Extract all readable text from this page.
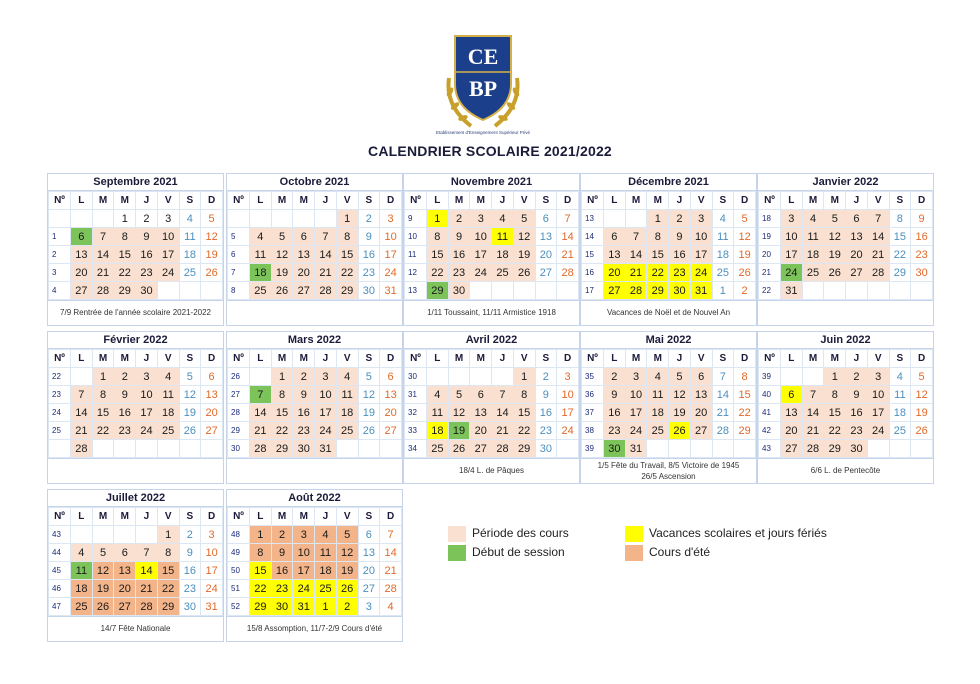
CE
BP
Etablissement d'Enseignement Supérieur Privé
CALENDRIER SCOLAIRE 2021/2022
Septembre 2021
Nº	L	M	M	J	V	S	D
			1	2	3	4	5
1	6	7	8	9	10	11	12
2	13	14	15	16	17	18	19
3	20	21	22	23	24	25	26
4	27	28	29	30			
7/9 Rentrée de l'année scolaire 2021-2022
Octobre 2021
Nº	L	M	M	J	V	S	D
					1	2	3
5	4	5	6	7	8	9	10
6	11	12	13	14	15	16	17
7	18	19	20	21	22	23	24
8	25	26	27	28	29	30	31
Novembre 2021
Nº	L	M	M	J	V	S	D
9	1	2	3	4	5	6	7
10	8	9	10	11	12	13	14
11	15	16	17	18	19	20	21
12	22	23	24	25	26	27	28
13	29	30					
1/11 Toussaint, 11/11 Armistice 1918
Décembre 2021
Nº	L	M	M	J	V	S	D
13			1	2	3	4	5
14	6	7	8	9	10	11	12
15	13	14	15	16	17	18	19
16	20	21	22	23	24	25	26
17	27	28	29	30	31	1	2
Vacances de Noël et de Nouvel An
Janvier 2022
Nº	L	M	M	J	V	S	D
18	3	4	5	6	7	8	9
19	10	11	12	13	14	15	16
20	17	18	19	20	21	22	23
21	24	25	26	27	28	29	30
22	31						
Février 2022
Nº	L	M	M	J	V	S	D
22		1	2	3	4	5	6
23	7	8	9	10	11	12	13
24	14	15	16	17	18	19	20
25	21	22	23	24	25	26	27
	28						
Mars 2022
Nº	L	M	M	J	V	S	D
26		1	2	3	4	5	6
27	7	8	9	10	11	12	13
28	14	15	16	17	18	19	20
29	21	22	23	24	25	26	27
30	28	29	30	31			
Avril 2022
Nº	L	M	M	J	V	S	D
30					1	2	3
31	4	5	6	7	8	9	10
32	11	12	13	14	15	16	17
33	18	19	20	21	22	23	24
34	25	26	27	28	29	30	
18/4 L. de Pâques
Mai 2022
Nº	L	M	M	J	V	S	D
35	2	3	4	5	6	7	8
36	9	10	11	12	13	14	15
37	16	17	18	19	20	21	22
38	23	24	25	26	27	28	29
39	30	31					
1/5 Fête du Travail, 8/5 Victoire de 1945
26/5 Ascension
Juin 2022
Nº	L	M	M	J	V	S	D
39			1	2	3	4	5
40	6	7	8	9	10	11	12
41	13	14	15	16	17	18	19
42	20	21	22	23	24	25	26
43	27	28	29	30			
6/6 L. de Pentecôte
Juillet 2022
Nº	L	M	M	J	V	S	D
43					1	2	3
44	4	5	6	7	8	9	10
45	11	12	13	14	15	16	17
46	18	19	20	21	22	23	24
47	25	26	27	28	29	30	31
14/7 Fête Nationale
Août 2022
Nº	L	M	M	J	V	S	D
48	1	2	3	4	5	6	7
49	8	9	10	11	12	13	14
50	15	16	17	18	19	20	21
51	22	23	24	25	26	27	28
52	29	30	31	1	2	3	4
15/8 Assomption, 11/7-2/9 Cours d'été
Période des cours
Début de session
Vacances scolaires et jours fériés
Cours d'été
